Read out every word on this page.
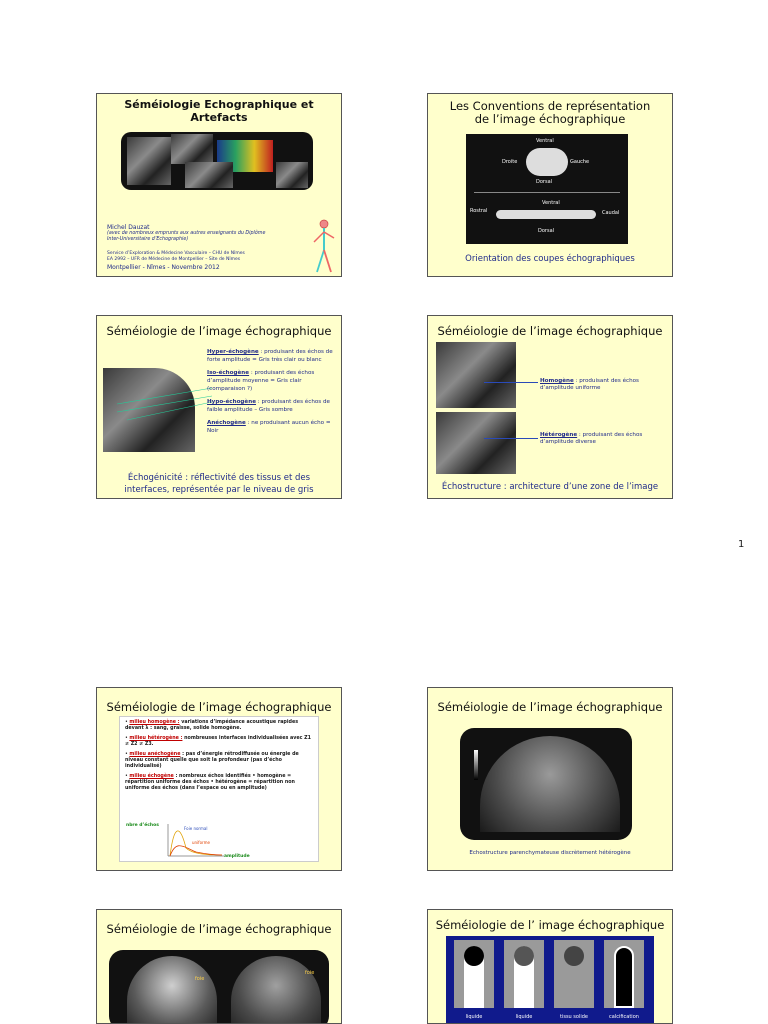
Séméiologie Echographique et
Artefacts
Michel Dauzat
(avec de nombreux emprunts aux autres enseignants du Diplôme
Inter-Universitaire d’Echographie)
Service d’Exploration & Médecine Vasculaire – CHU de Nîmes
EA 2992 – UFR de Médecine de Montpellier – Site de Nîmes
Montpellier - Nîmes - Novembre 2012
Les Conventions de représentation
de l’image échographique
Ventral
Droite	Gauche
Dorsal
Ventral
Rostral	Caudal
Dorsal
Orientation des coupes échographiques
Séméiologie de l’image échographique
Hyper-échogène : produisant des échos de forte amplitude = Gris très clair ou blanc
Iso-échogène : produisant des échos d’amplitude moyenne = Gris clair (comparaison ?)
Hypo-échogène : produisant des échos de faible amplitude – Gris sombre
Anéchogène : ne produisant aucun écho = Noir
Échogénicité : réflectivité des tissus et des
interfaces, représentée par le niveau de gris
Séméiologie de l’image échographique
Homogène : produisant des échos d’amplitude uniforme
Hétérogène : produisant des échos d’amplitude diverse
Échostructure : architecture d’une zone de l’image
1
Séméiologie de l’image échographique

• milieu homogène : variations d’impédance acoustique rapides devant λ : sang, graisse, solide homogène.

• milieu hétérogène : nombreuses interfaces individualisées avec Z1 ≠ Z2 ≠ Z3.

• milieu anéchogène : pas d’énergie rétrodiffusée ou énergie de niveau constant quelle que soit la profondeur (pas d’écho individualisé)

• milieu échogène : nombreux échos identifiés • homogène = répartition uniforme des échos • hétérogène = répartition non uniforme des échos (dans l’espace ou en amplitude)

nbre d’échos
Foie normal
uniforme
amplitude
Séméiologie de l’image échographique
Echostructure parenchymateuse discrètement hétérogène
Séméiologie de l’image échographique
foie
foie
Séméiologie de l’ image échographique
liquide	liquide	tissu solide	calcification
